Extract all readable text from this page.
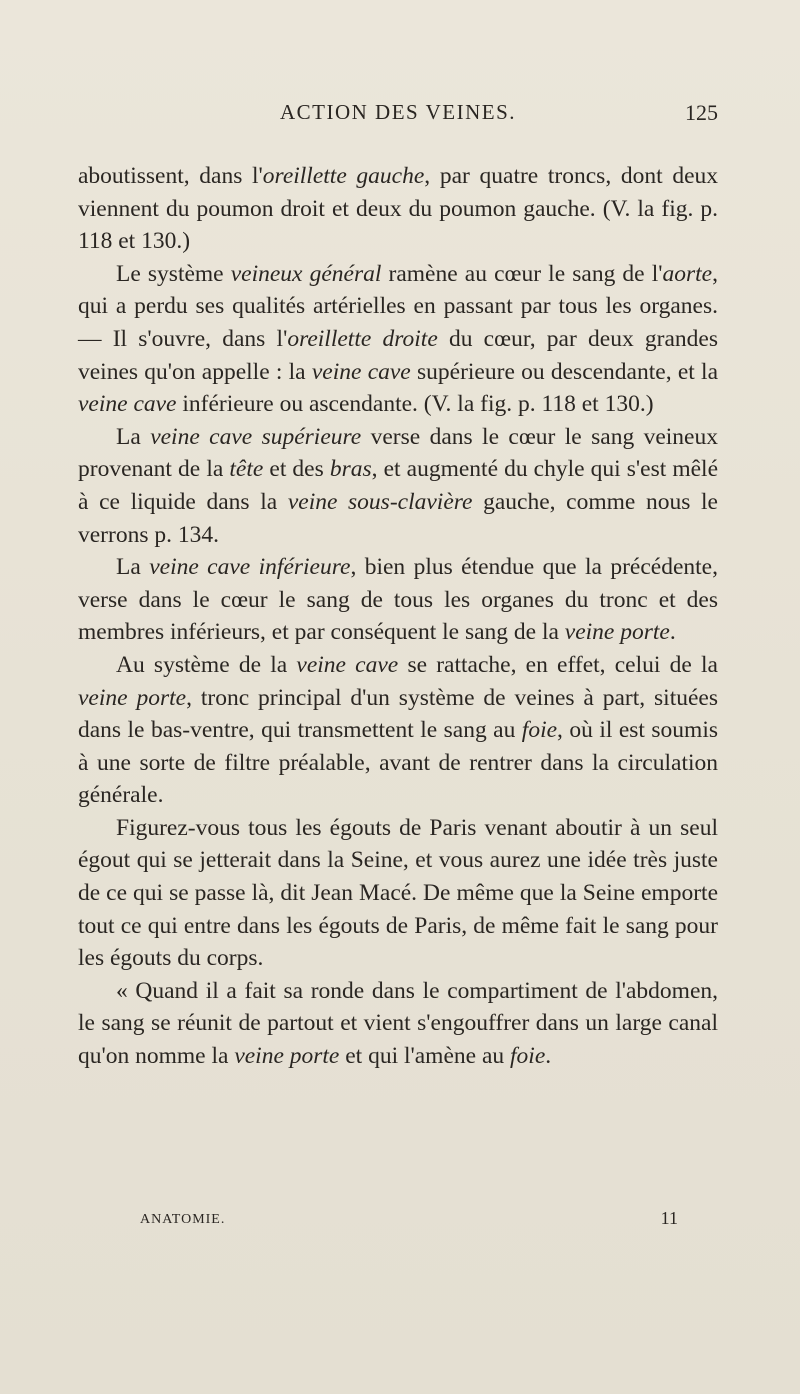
ACTION DES VEINES.	125

aboutissent, dans l'oreillette gauche, par quatre troncs, dont deux viennent du poumon droit et deux du poumon gauche. (V. la fig. p. 118 et 130.)

Le système veineux général ramène au cœur le sang de l'aorte, qui a perdu ses qualités artérielles en passant par tous les organes. — Il s'ouvre, dans l'oreillette droite du cœur, par deux grandes veines qu'on appelle : la veine cave supérieure ou descendante, et la veine cave inférieure ou ascendante. (V. la fig. p. 118 et 130.)

La veine cave supérieure verse dans le cœur le sang veineux provenant de la tête et des bras, et augmenté du chyle qui s'est mêlé à ce liquide dans la veine sous-clavière gauche, comme nous le verrons p. 134.

La veine cave inférieure, bien plus étendue que la précédente, verse dans le cœur le sang de tous les organes du tronc et des membres inférieurs, et par conséquent le sang de la veine porte.

Au système de la veine cave se rattache, en effet, celui de la veine porte, tronc principal d'un système de veines à part, situées dans le bas-ventre, qui transmettent le sang au foie, où il est soumis à une sorte de filtre préalable, avant de rentrer dans la circulation générale.

Figurez-vous tous les égouts de Paris venant aboutir à un seul égout qui se jetterait dans la Seine, et vous aurez une idée très juste de ce qui se passe là, dit Jean Macé. De même que la Seine emporte tout ce qui entre dans les égouts de Paris, de même fait le sang pour les égouts du corps.

« Quand il a fait sa ronde dans le compartiment de l'abdomen, le sang se réunit de partout et vient s'engouffrer dans un large canal qu'on nomme la veine porte et qui l'amène au foie.

ANATOMIE.	11
